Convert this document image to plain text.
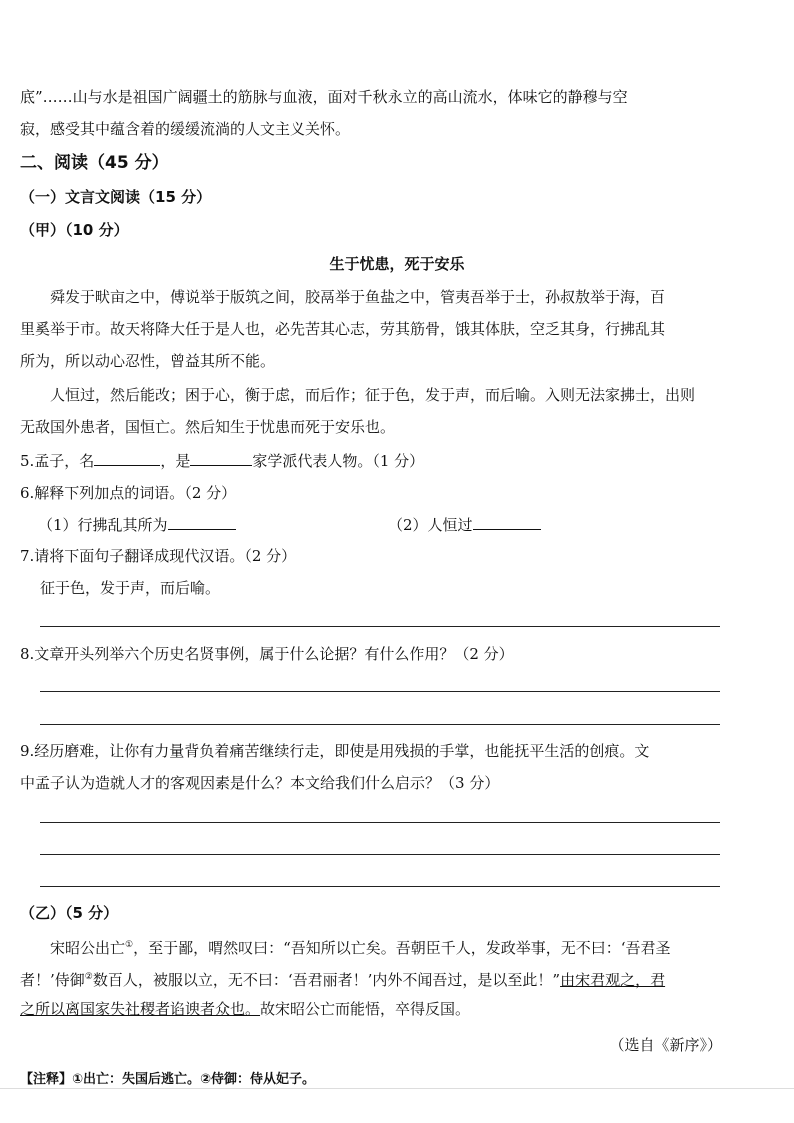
底”……山与水是祖国广阔疆土的筋脉与血液，面对千秋永立的高山流水，体味它的静穆与空
寂，感受其中蕴含着的缓缓流淌的人文主义关怀。
二、阅读（45 分）
（一）文言文阅读（15 分）
（甲）（10 分）
生于忧患，死于安乐
舜发于畎亩之中，傅说举于版筑之间，胶鬲举于鱼盐之中，管夷吾举于士，孙叔敖举于海，百
里奚举于市。故天将降大任于是人也，必先苦其心志，劳其筋骨，饿其体肤，空乏其身，行拂乱其
所为，所以动心忍性，曾益其所不能。
人恒过，然后能改；困于心，衡于虑，而后作；征于色，发于声，而后喻。入则无法家拂士，出则
无敌国外患者，国恒亡。然后知生于忧患而死于安乐也。
5.孟子，名	，是	家学派代表人物。（1 分）
6.解释下列加点的词语。（2 分）
（1）行拂乱其所为	（2）人恒过
7.请将下面句子翻译成现代汉语。（2 分）
征于色，发于声，而后喻。
8.文章开头列举六个历史名贤事例，属于什么论据？有什么作用？（2 分）
9.经历磨难，让你有力量背负着痛苦继续行走，即使是用残损的手掌，也能抚平生活的创痕。文
中孟子认为造就人才的客观因素是什么？本文给我们什么启示？（3 分）
（乙）（5 分）
宋昭公出亡①，至于鄙，喟然叹曰：“吾知所以亡矣。吾朝臣千人，发政举事，无不曰：‘吾君圣
者！’侍御②数百人，被服以立，无不曰：‘吾君丽者！’内外不闻吾过，是以至此！”由宋君观之，君
之所以离国家失社稷者谄谀者众也。故宋昭公亡而能悟，卒得反国。
（选自《新序》）
【注释】①出亡：失国后逃亡。②侍御：侍从妃子。
